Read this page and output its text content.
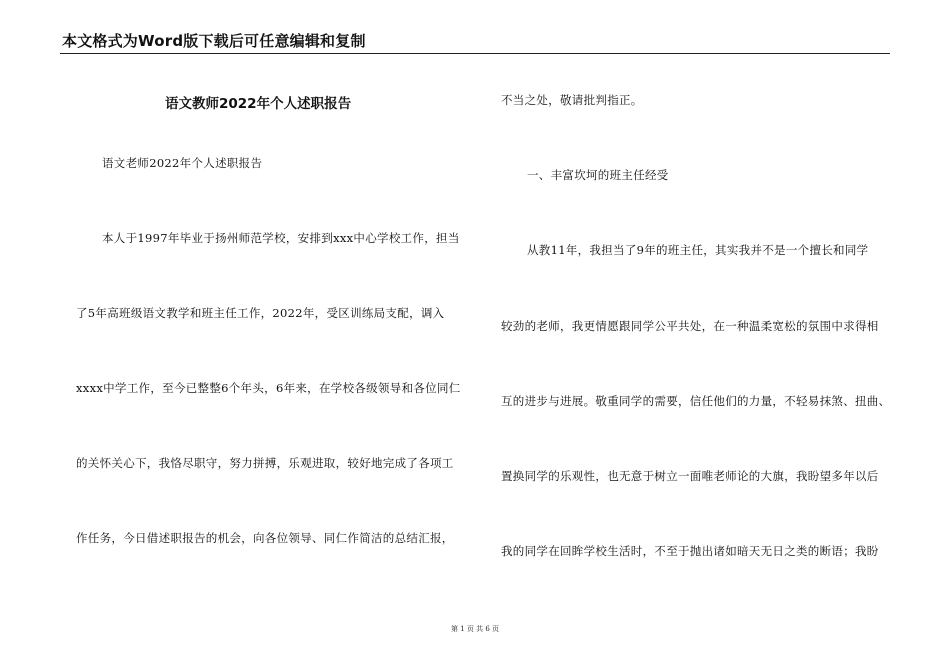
本文格式为Word版下载后可任意编辑和复制
语文教师2022年个人述职报告
语文老师2022年个人述职报告
本人于1997年毕业于扬州师范学校，安排到xxx中心学校工作，担当
了5年高班级语文教学和班主任工作，2022年，受区训练局支配，调入
xxxx中学工作，至今已整整6个年头，6年来，在学校各级领导和各位同仁
的关怀关心下，我恪尽职守，努力拼搏，乐观进取，较好地完成了各项工
作任务，今日借述职报告的机会，向各位领导、同仁作简洁的总结汇报，
不当之处，敬请批判指正。
一、丰富坎坷的班主任经受
从教11年，我担当了9年的班主任，其实我并不是一个擅长和同学
较劲的老师，我更情愿跟同学公平共处，在一种温柔宽松的氛围中求得相
互的进步与进展。敬重同学的需要，信任他们的力量，不轻易抹煞、扭曲、
置换同学的乐观性，也无意于树立一面唯老师论的大旗，我盼望多年以后
我的同学在回眸学校生活时，不至于抛出诸如暗天无日之类的断语；我盼
第 1 页 共 6 页
